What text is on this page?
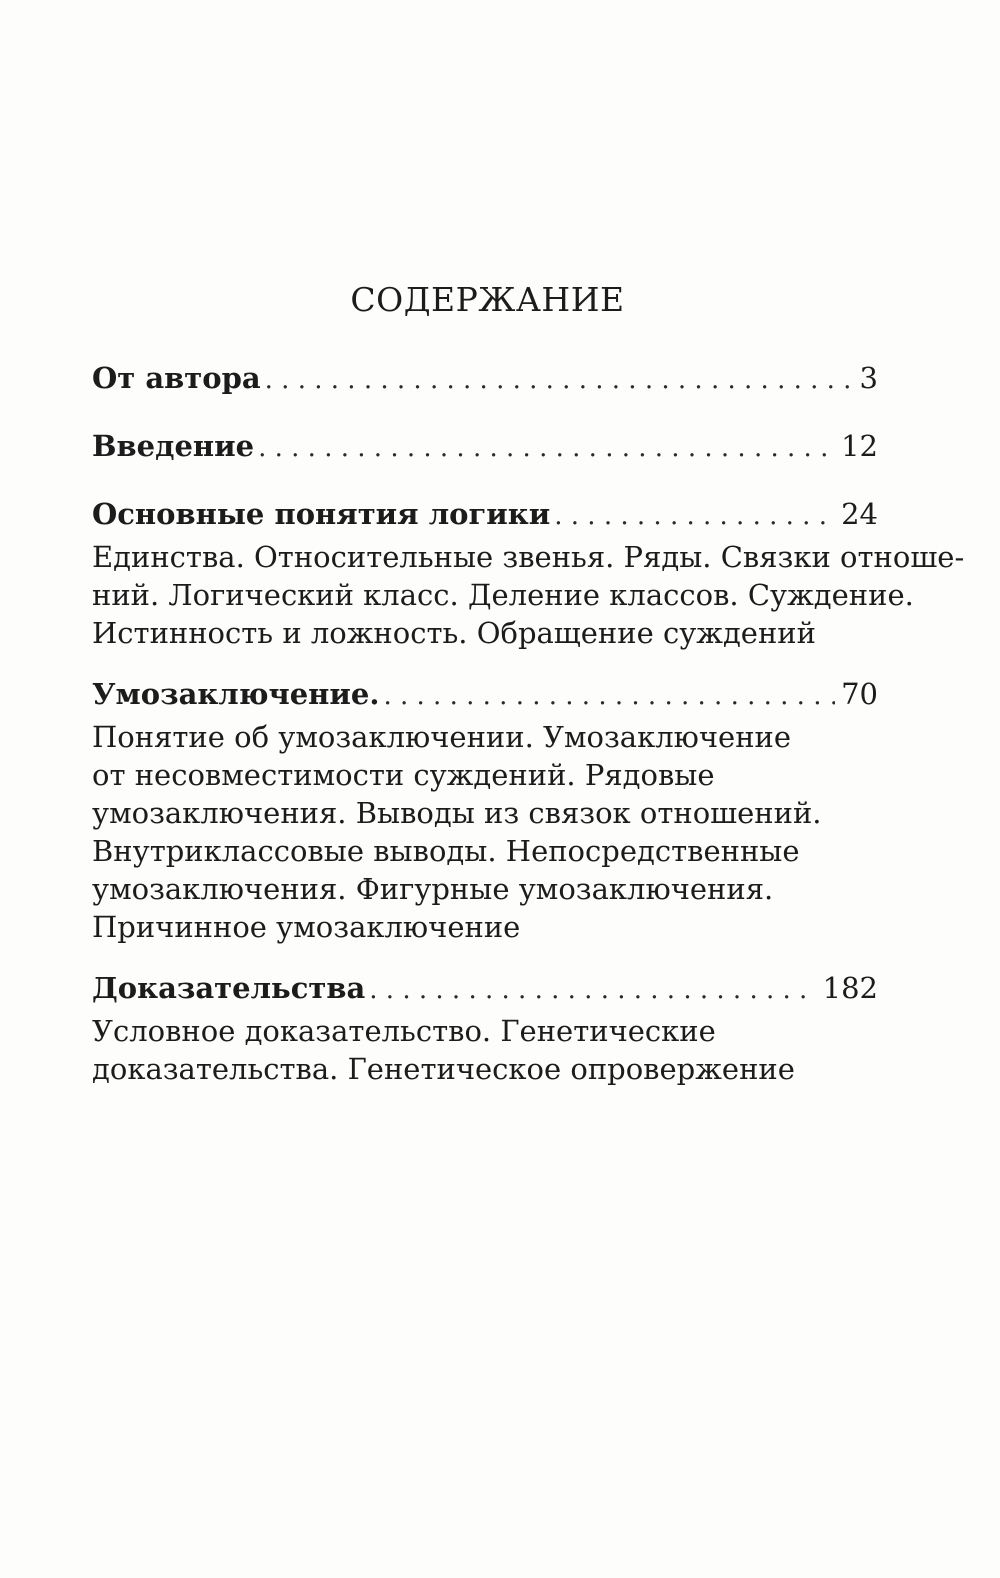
СОДЕРЖАНИЕ
От автора . . .	3
Введение . . .	12
Основные понятия логики . . .	24
Единства. Относительные звенья. Ряды. Связки отноше-
ний. Логический класс. Деление классов. Суждение.
Истинность и ложность. Обращение суждений
Умозаключение. . . .	70
Понятие об умозаключении. Умозаключение
от несовместимости суждений. Рядовые
умозаключения. Выводы из связок отношений.
Внутриклассовые выводы. Непосредственные
умозаключения. Фигурные умозаключения.
Причинное умозаключение
Доказательства . . .	182
Условное доказательство. Генетические
доказательства. Генетическое опровержение
